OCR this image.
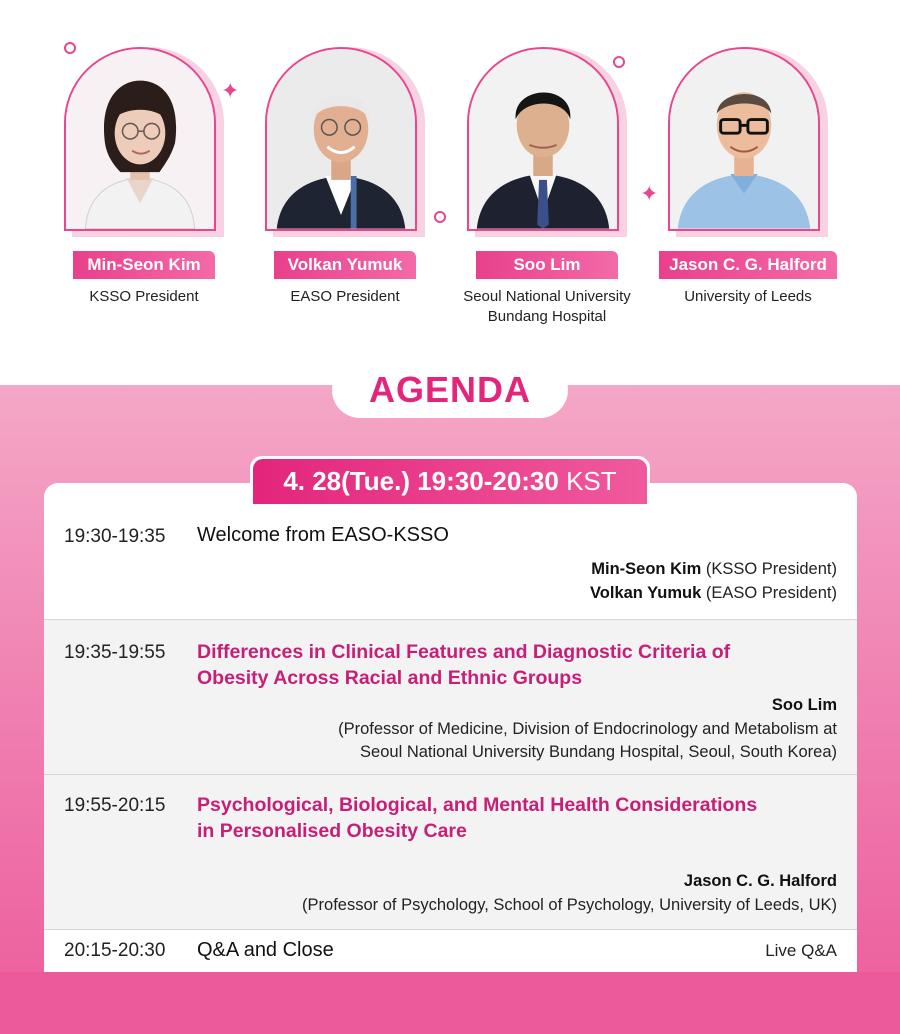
✦
✦
Min-Seon Kim
KSSO President
Volkan Yumuk
EASO President
Soo Lim
Seoul National University
Bundang Hospital
Jason C. G. Halford
University of Leeds
AGENDA
19:30-19:35 Welcome from EASO-KSSO
Min-Seon Kim (KSSO President)
Volkan Yumuk (EASO President)
19:35-19:55 Differences in Clinical Features and Diagnostic Criteria of
Obesity Across Racial and Ethnic Groups
Soo Lim
(Professor of Medicine, Division of Endocrinology and Metabolism at
Seoul National University Bundang Hospital, Seoul, South Korea)
19:55-20:15 Psychological, Biological, and Mental Health Considerations
in Personalised Obesity Care
Jason C. G. Halford
(Professor of Psychology, School of Psychology, University of Leeds, UK)
20:15-20:30 Q&A and Close	Live Q&A
4. 28(Tue.) 19:30-20:30 KST
